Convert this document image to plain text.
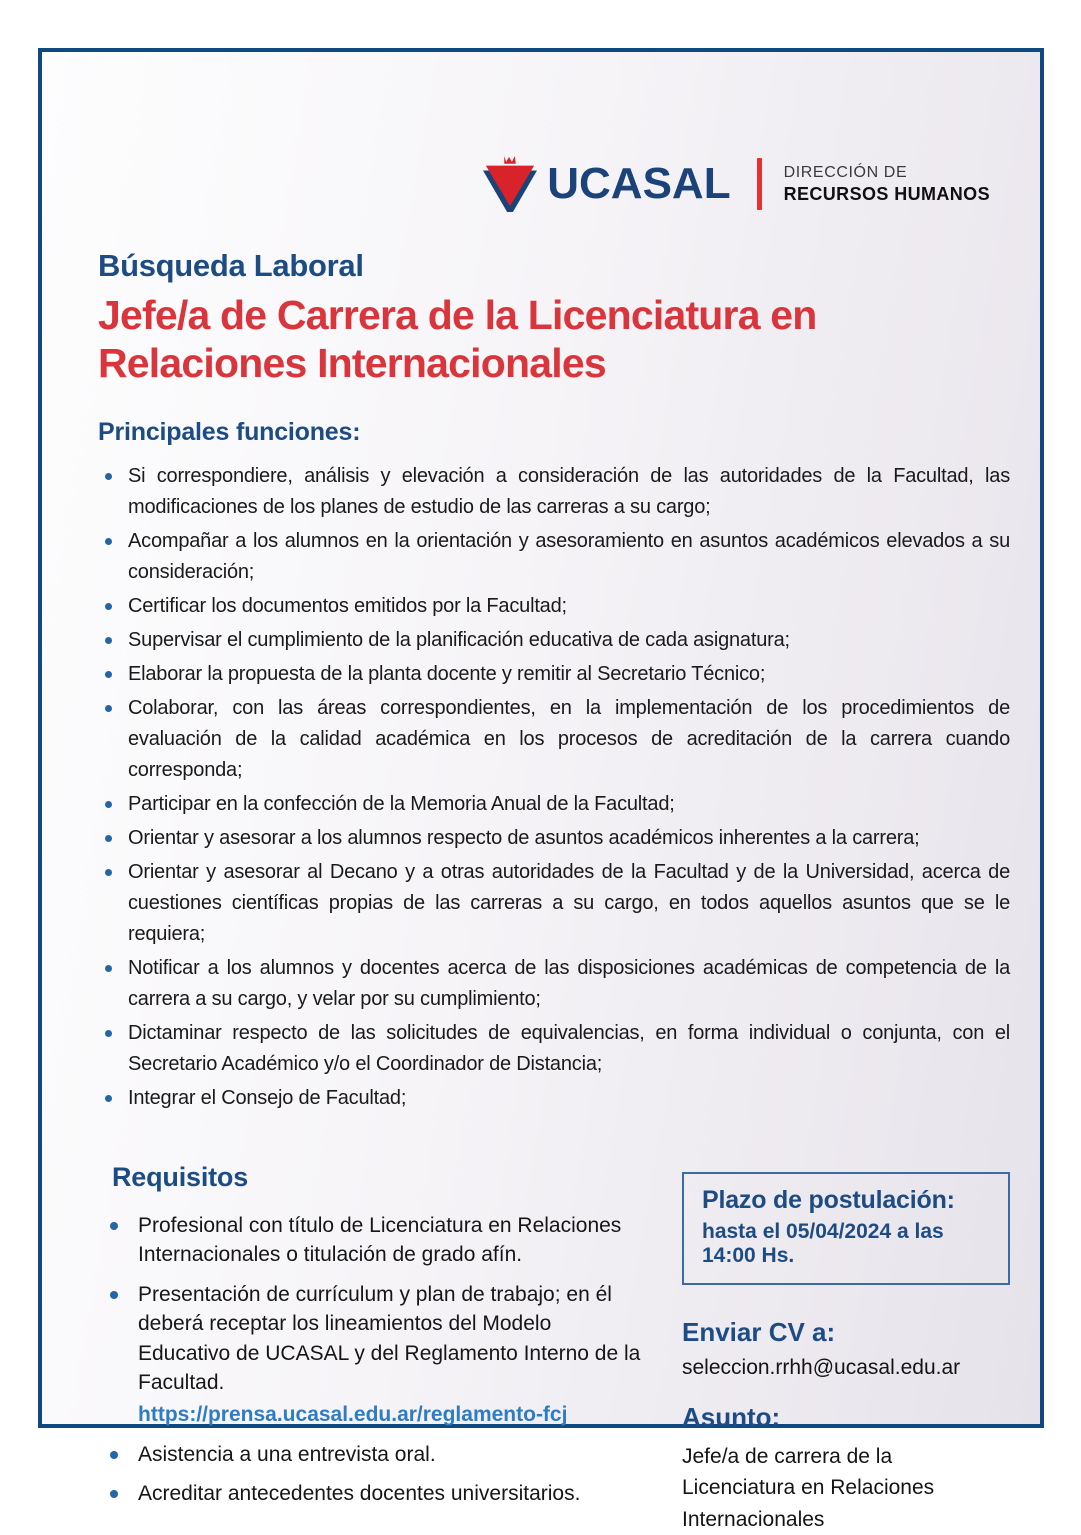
UCASAL	DIRECCIÓN DE
RECURSOS HUMANOS
Búsqueda Laboral
Jefe/a de Carrera de la Licenciatura en Relaciones Internacionales
Principales funciones:
Si correspondiere, análisis y elevación a consideración de las autoridades de la Facultad, las modificaciones de los planes de estudio de las carreras a su cargo;
Acompañar a los alumnos en la orientación y asesoramiento en asuntos académicos elevados a su consideración;
Certificar los documentos emitidos por la Facultad;
Supervisar el cumplimiento de la planificación educativa de cada asignatura;
Elaborar la propuesta de la planta docente y remitir al Secretario Técnico;
Colaborar, con las áreas correspondientes, en la implementación de los procedimientos de evaluación de la calidad académica en los procesos de acreditación de la carrera cuando corresponda;
Participar en la confección de la Memoria Anual de la Facultad;
Orientar y asesorar a los alumnos respecto de asuntos académicos inherentes a la carrera;
Orientar y asesorar al Decano y a otras autoridades de la Facultad y de la Universidad, acerca de cuestiones científicas propias de las carreras a su cargo, en todos aquellos asuntos que se le requiera;
Notificar a los alumnos y docentes acerca de las disposiciones académicas de competencia de la carrera a su cargo, y velar por su cumplimiento;
Dictaminar respecto de las solicitudes de equivalencias, en forma individual o conjunta, con el Secretario Académico y/o el Coordinador de Distancia;
Integrar el Consejo de Facultad;
Requisitos
Profesional con título de Licenciatura en Relaciones Internacionales o titulación de grado afín.
Presentación de currículum y plan de trabajo; en él deberá receptar los lineamientos del Modelo Educativo de UCASAL y del Reglamento Interno de la Facultad.
https://prensa.ucasal.edu.ar/reglamento-fcj
Asistencia a una entrevista oral.
Acreditar antecedentes docentes universitarios.
Plazo de postulación:
hasta el 05/04/2024 a las 14:00 Hs.
Enviar CV a:
seleccion.rrhh@ucasal.edu.ar
Asunto:
Jefe/a de carrera de la Licenciatura en Relaciones Internacionales
